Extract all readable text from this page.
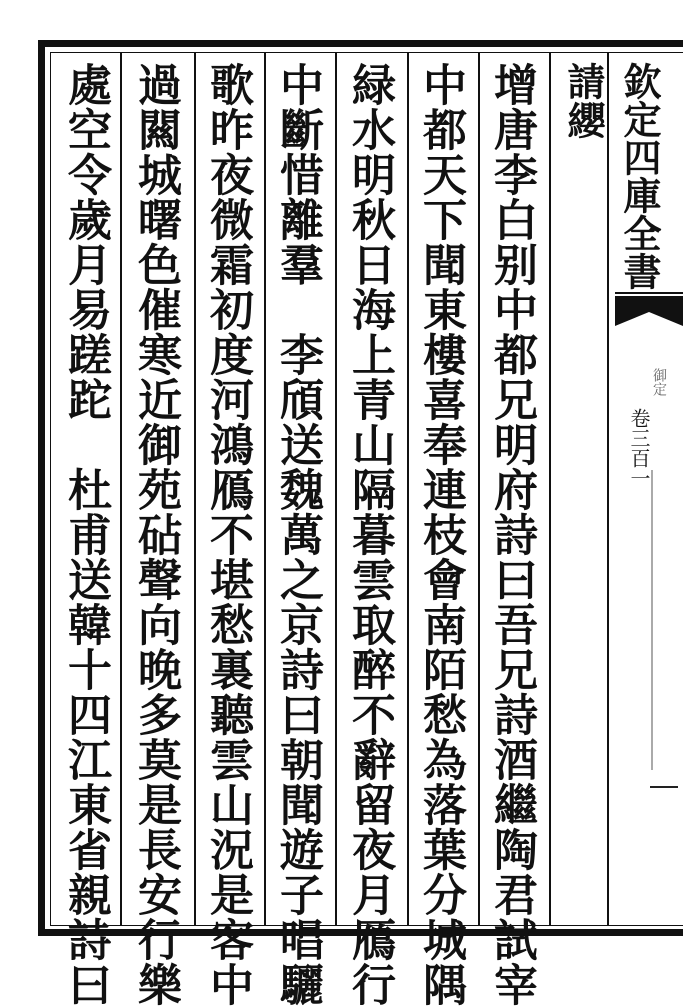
請纓
增唐李白别中都兄明府詩曰吾兄詩酒繼陶君試宰
中都天下聞東樓喜奉連枝會南陌愁為落葉分城隅
緑水明秋日海上青山隔暮雲取醉不辭留夜月鴈行
中斷惜離羣　李頎送魏萬之京詩曰朝聞遊子唱驪
歌昨夜微霜初度河鴻鴈不堪愁裏聽雲山況是客中
過闗城曙色催寒近御苑砧聲向晚多莫是長安行樂
處空令歲月易蹉跎　杜甫送韓十四江東省親詩曰	欽定四庫全書
御定
卷三百一
